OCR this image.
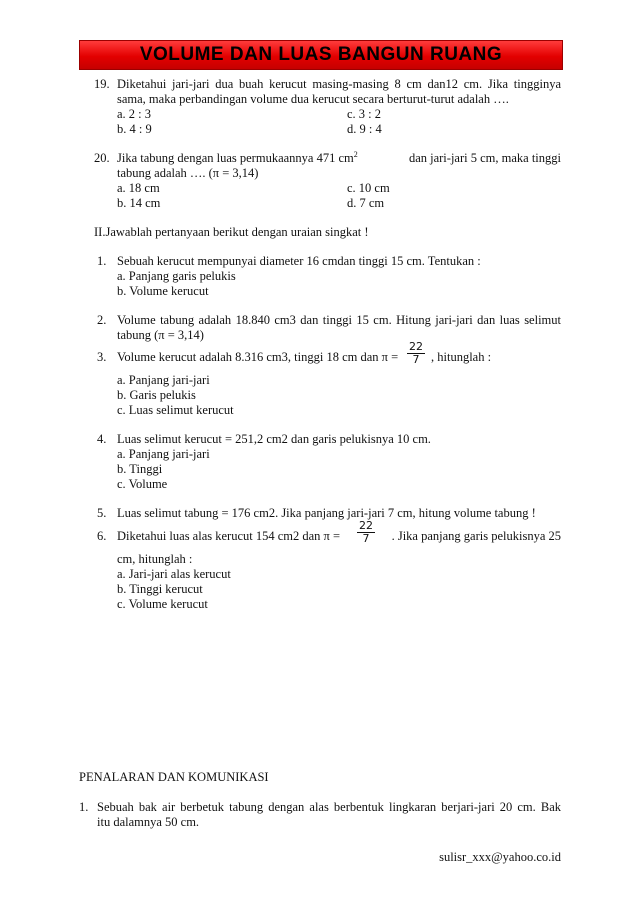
VOLUME DAN LUAS BANGUN RUANG
19. Diketahui jari-jari dua buah kerucut masing-masing 8 cm dan12 cm. Jika tingginya
sama, maka perbandingan volume dua kerucut secara berturut-turut adalah ….
a. 2 : 3	c. 3 : 2
b. 4 : 9	d. 9 : 4
20. Jika tabung dengan luas permukaannya 471 $cm^2$	dan jari-jari 5 cm, maka tinggi
tabung adalah …. (π = 3,14)
a. 18 cm	c. 10 cm
b. 14 cm	d. 7 cm
II.Jawablah pertanyaan berikut dengan uraian singkat !
1. Sebuah kerucut mempunyai diameter 16 cmdan tinggi 15 cm. Tentukan :
a. Panjang garis pelukis
b. Volume kerucut
2. Volume tabung adalah 18.840 cm3 dan tinggi 15 cm. Hitung jari-jari dan luas selimut
tabung (π = 3,14)
3. Volume kerucut adalah 8.316 cm3, tinggi 18 cm dan $\pi = \frac{22}{7}$ , hitunglah :
a. Panjang jari-jari
b. Garis pelukis
c. Luas selimut kerucut
4. Luas selimut kerucut = 251,2 cm2 dan garis pelukisnya 10 cm.
a. Panjang jari-jari
b. Tinggi
c. Volume
5. Luas selimut tabung = 176 cm2. Jika panjang jari-jari 7 cm, hitung volume tabung !
6. Diketahui luas alas kerucut 154 cm2 dan π =	. Jika panjang garis pelukisnya 25
$\frac{22}{7}$
cm, hitunglah :
a. Jari-jari alas kerucut
b. Tinggi kerucut
c. Volume kerucut
PENALARAN DAN KOMUNIKASI
1. Sebuah bak air berbetuk tabung dengan alas berbentuk lingkaran berjari-jari 20 cm. Bak
itu dalamnya 50 cm.
sulisr_xxx@yahoo.co.id
